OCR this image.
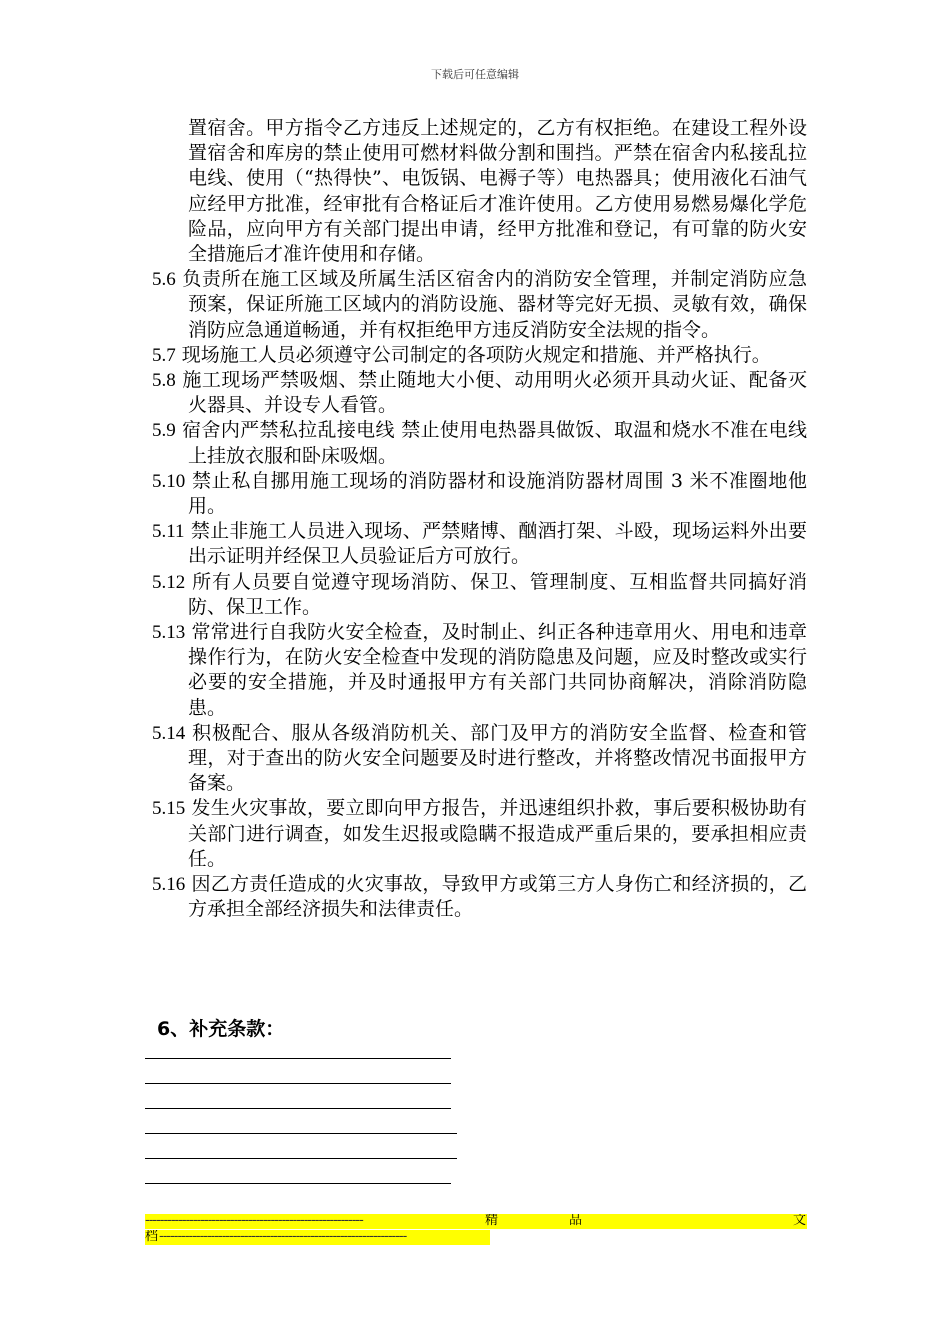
下载后可任意编辑

置宿舍。甲方指令乙方违反上述规定的，乙方有权拒绝。在建设工程外设置宿舍和库房的禁止使用可燃材料做分割和围挡。严禁在宿舍内私接乱拉电线、使用（“热得快”、电饭锅、电褥子等）电热器具；使用液化石油气应经甲方批准，经审批有合格证后才准许使用。乙方使用易燃易爆化学危险品，应向甲方有关部门提出申请，经甲方批准和登记，有可靠的防火安全措施后才准许使用和存储。

5.6 负责所在施工区域及所属生活区宿舍内的消防安全管理，并制定消防应急预案，保证所施工区域内的消防设施、器材等完好无损、灵敏有效，确保消防应急通道畅通，并有权拒绝甲方违反消防安全法规的指令。

5.7 现场施工人员必须遵守公司制定的各项防火规定和措施、并严格执行。

5.8 施工现场严禁吸烟、禁止随地大小便、动用明火必须开具动火证、配备灭火器具、并设专人看管。

5.9 宿舍内严禁私拉乱接电线 禁止使用电热器具做饭、取温和烧水不准在电线上挂放衣服和卧床吸烟。

5.10 禁止私自挪用施工现场的消防器材和设施消防器材周围 3 米不准圈地他用。

5.11 禁止非施工人员进入现场、严禁赌博、酗酒打架、斗殴，现场运料外出要出示证明并经保卫人员验证后方可放行。

5.12 所有人员要自觉遵守现场消防、保卫、管理制度、互相监督共同搞好消防、保卫工作。

5.13 常常进行自我防火安全检查，及时制止、纠正各种违章用火、用电和违章操作行为，在防火安全检查中发现的消防隐患及问题，应及时整改或实行必要的安全措施，并及时通报甲方有关部门共同协商解决，消除消防隐患。

5.14 积极配合、服从各级消防机关、部门及甲方的消防安全监督、检查和管理，对于查出的防火安全问题要及时进行整改，并将整改情况书面报甲方备案。

5.15 发生火灾事故，要立即向甲方报告，并迅速组织扑救，事后要积极协助有关部门进行调查，如发生迟报或隐瞒不报造成严重后果的，要承担相应责任。

5.16 因乙方责任造成的火灾事故，导致甲方或第三方人身伤亡和经济损的，乙方承担全部经济损失和法律责任。

6、补充条款：
-----------------------------------------------------------	精	品	文
档 -------------------------------------------------------------------
